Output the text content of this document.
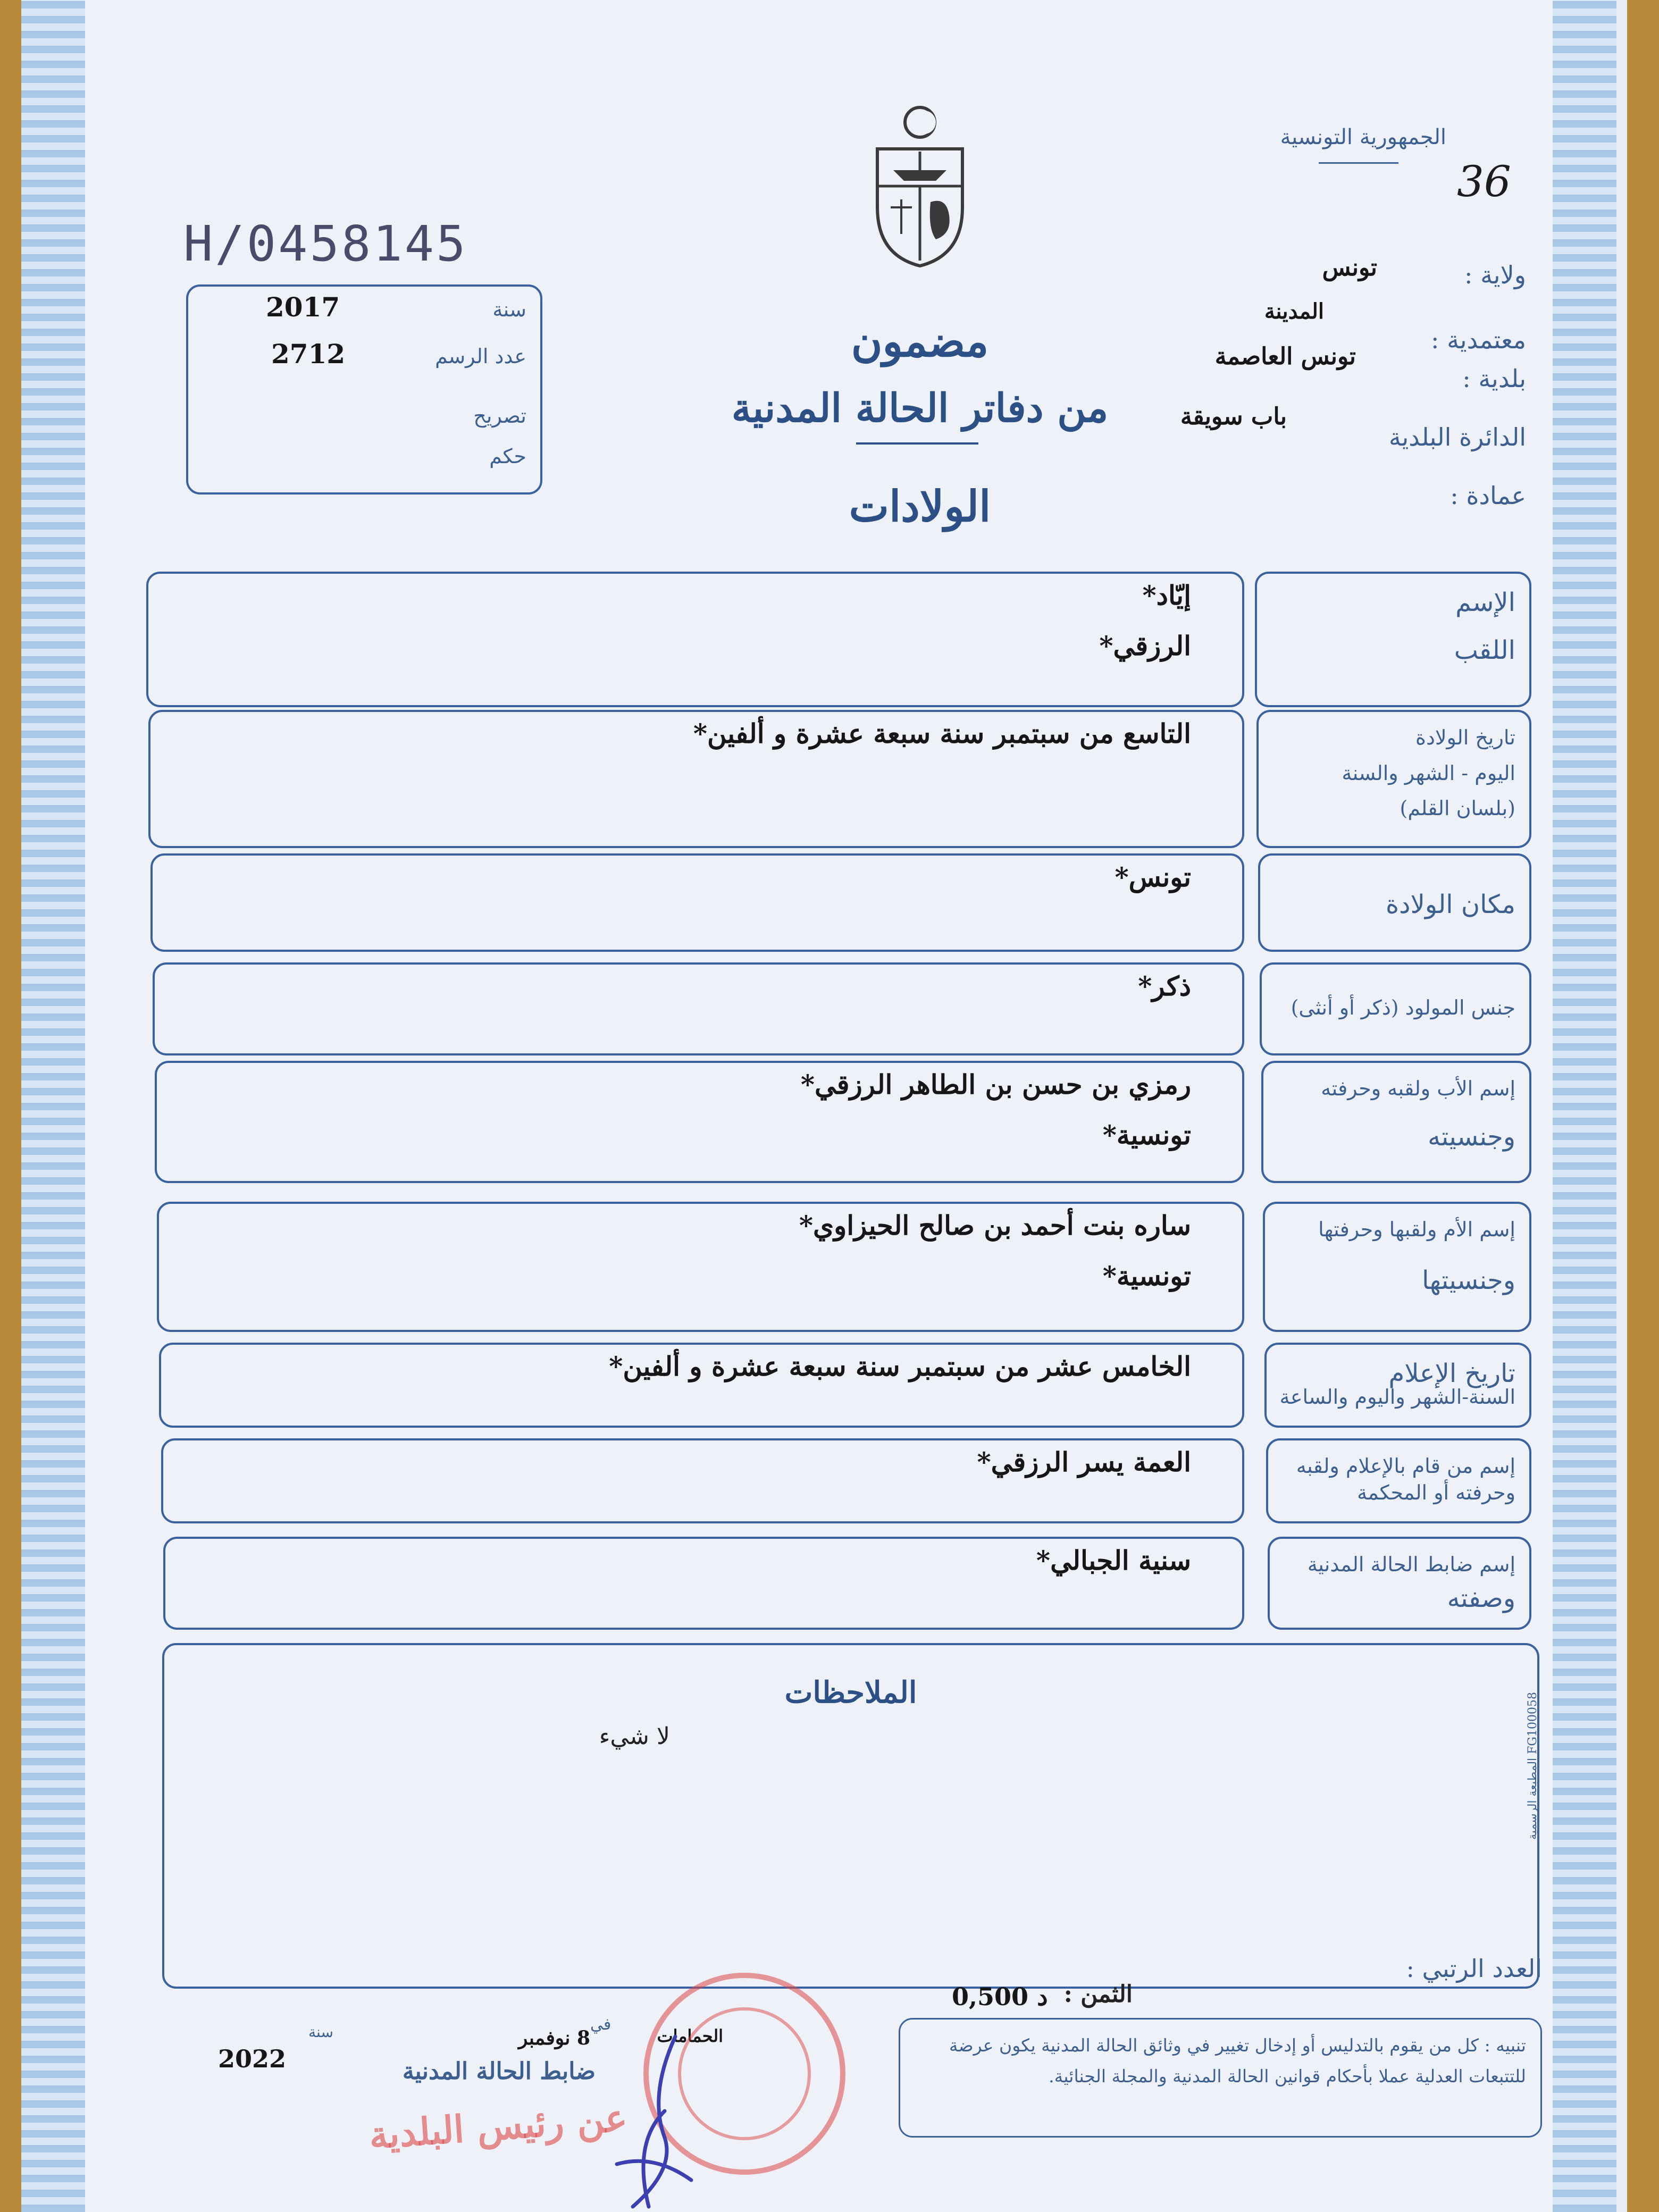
الجمهورية التونسية
36
H/0458145
سنة
2017
عدد الرسم
2712
تصريح
حكم
ولاية :
تونس
معتمدية :
المدينة
بلدية :
تونس العاصمة
الدائرة البلدية
باب سويقة
عمادة :
مضمون
من دفاتر الحالة المدنية
الولادات
الإسم
اللقب
إيّاد*
الرزقي*
تاريخ الولادة
اليوم - الشهر والسنة
(بلسان القلم)
التاسع من سبتمبر سنة سبعة عشرة و ألفين*
مكان الولادة
تونس*
جنس المولود (ذكر أو أنثى)
ذكر*
إسم الأب ولقبه وحرفته
وجنسيته
رمزي بن حسن بن الطاهر الرزقي*
تونسية*
إسم الأم ولقبها وحرفتها
وجنسيتها
ساره بنت أحمد بن صالح الحيزاوي*
تونسية*
تاريخ الإعلام
السنة-الشهر واليوم والساعة
الخامس عشر من سبتمبر سنة سبعة عشرة و ألفين*
إسم من قام بالإعلام ولقبه
وحرفته أو المحكمة
العمة يسر الرزقي*
إسم ضابط الحالة المدنية
وصفته
سنية الجبالي*
الملاحظات
لا شيء
المطبعة الرسمية FG100058
العدد الرتبي :
الثمن :
0,500 د
الحمامات
في
8 نوفمبر
سنة
2022	ضابط الحالة المدنية
عن رئيس البلدية
تنبيه : كل من يقوم بالتدليس أو إدخال تغيير في وثائق الحالة المدنية يكون عرضة للتتبعات العدلية عملا بأحكام قوانين الحالة المدنية والمجلة الجنائية.
